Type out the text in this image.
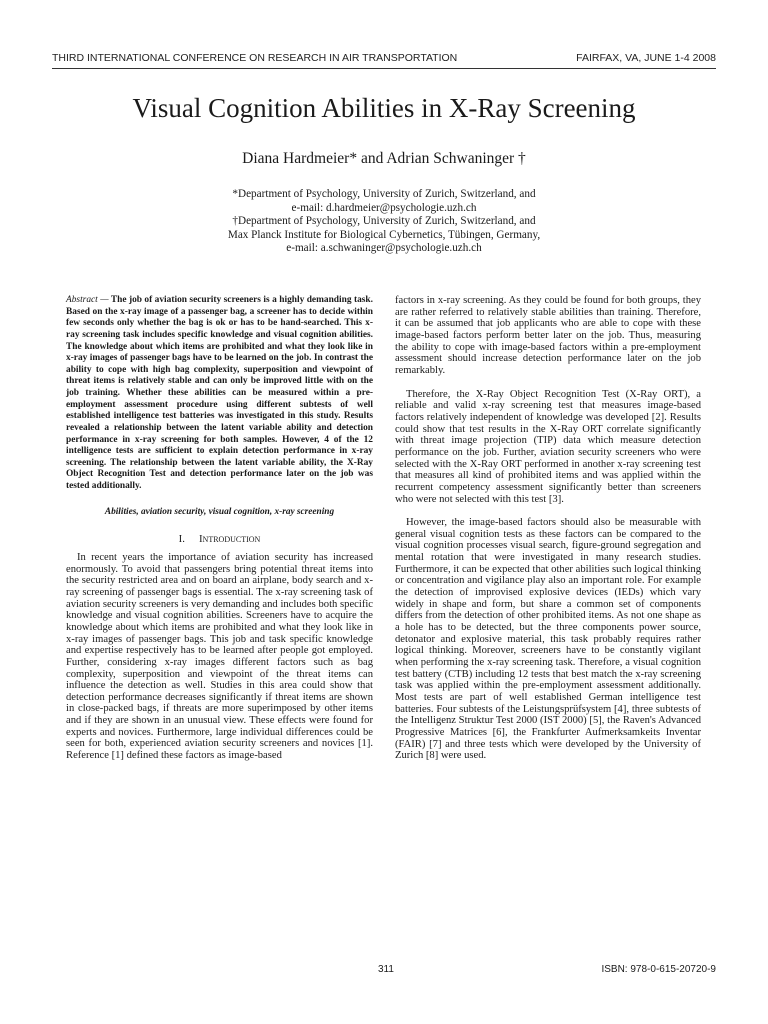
THIRD INTERNATIONAL CONFERENCE ON RESEARCH IN AIR TRANSPORTATION	FAIRFAX, VA, JUNE 1-4 2008
Visual Cognition Abilities in X-Ray Screening
Diana Hardmeier* and Adrian Schwaninger †
*Department of Psychology, University of Zurich, Switzerland, and
e-mail: d.hardmeier@psychologie.uzh.ch
†Department of Psychology, University of Zurich, Switzerland, and
Max Planck Institute for Biological Cybernetics, Tübingen, Germany,
e-mail: a.schwaninger@psychologie.uzh.ch
Abstract — The job of aviation security screeners is a highly demanding task. Based on the x-ray image of a passenger bag, a screener has to decide within few seconds only whether the bag is ok or has to be hand-searched. This x-ray screening task includes specific knowledge and visual cognition abilities. The knowledge about which items are prohibited and what they look like in x-ray images of passenger bags have to be learned on the job. In contrast the ability to cope with high bag complexity, superposition and viewpoint of threat items is relatively stable and can only be improved little with on the job training. Whether these abilities can be measured within a pre-employment assessment procedure using different subtests of well established intelligence test batteries was investigated in this study. Results revealed a relationship between the latent variable ability and detection performance in x-ray screening for both samples. However, 4 of the 12 intelligence tests are sufficient to explain detection performance in x-ray screening. The relationship between the latent variable ability, the X-Ray Object Recognition Test and detection performance later on the job was tested additionally.
Abilities, aviation security, visual cognition, x-ray screening
I. Introduction

In recent years the importance of aviation security has increased enormously. To avoid that passengers bring potential threat items into the security restricted area and on board an airplane, body search and x-ray screening of passenger bags is essential. The x-ray screening task of aviation security screeners is very demanding and includes both specific knowledge and visual cognition abilities. Screeners have to acquire the knowledge about which items are prohibited and what they look like in x-ray images of passenger bags. This job and task specific knowledge and expertise respectively has to be learned after people got employed. Further, considering x-ray images different factors such as bag complexity, superposition and viewpoint of the threat items can influence the detection as well. Studies in this area could show that detection performance decreases significantly if threat items are shown in close-packed bags, if threats are more superimposed by other items and if they are shown in an unusual view. These effects were found for experts and novices. Furthermore, large individual differences could be seen for both, experienced aviation security screeners and novices [1]. Reference [1] defined these factors as image-based

factors in x-ray screening. As they could be found for both groups, they are rather referred to relatively stable abilities than training. Therefore, it can be assumed that job applicants who are able to cope with these image-based factors perform better later on the job. Thus, measuring the ability to cope with image-based factors within a pre-employment assessment should increase detection performance later on the job remarkably.

Therefore, the X-Ray Object Recognition Test (X-Ray ORT), a reliable and valid x-ray screening test that measures image-based factors relatively independent of knowledge was developed [2]. Results could show that test results in the X-Ray ORT correlate significantly with threat image projection (TIP) data which measure detection performance on the job. Further, aviation security screeners who were selected with the X-Ray ORT performed in another x-ray screening test that measures all kind of prohibited items and was applied within the recurrent competency assessment significantly better than screeners who were not selected with this test [3].

However, the image-based factors should also be measurable with general visual cognition tests as these factors can be compared to the visual cognition processes visual search, figure-ground segregation and mental rotation that were investigated in many research studies. Furthermore, it can be expected that other abilities such logical thinking or concentration and vigilance play also an important role. For example the detection of improvised explosive devices (IEDs) which vary widely in shape and form, but share a common set of components differs from the detection of other prohibited items. As not one shape as a hole has to be detected, but the three components power source, detonator and explosive material, this task probably requires rather logical thinking. Moreover, screeners have to be constantly vigilant when performing the x-ray screening task. Therefore, a visual cognition test battery (CTB) including 12 tests that best match the x-ray screening task was applied within the pre-employment assessment additionally. Most tests are part of well established German intelligence test batteries. Four subtests of the Leistungsprüfsystem [4], three subtests of the Intelligenz Struktur Test 2000 (IST 2000) [5], the Raven's Advanced Progressive Matrices [6], the Frankfurter Aufmerksamkeits Inventar (FAIR) [7] and three tests which were developed by the University of Zurich [8] were used.

311	ISBN: 978-0-615-20720-9
